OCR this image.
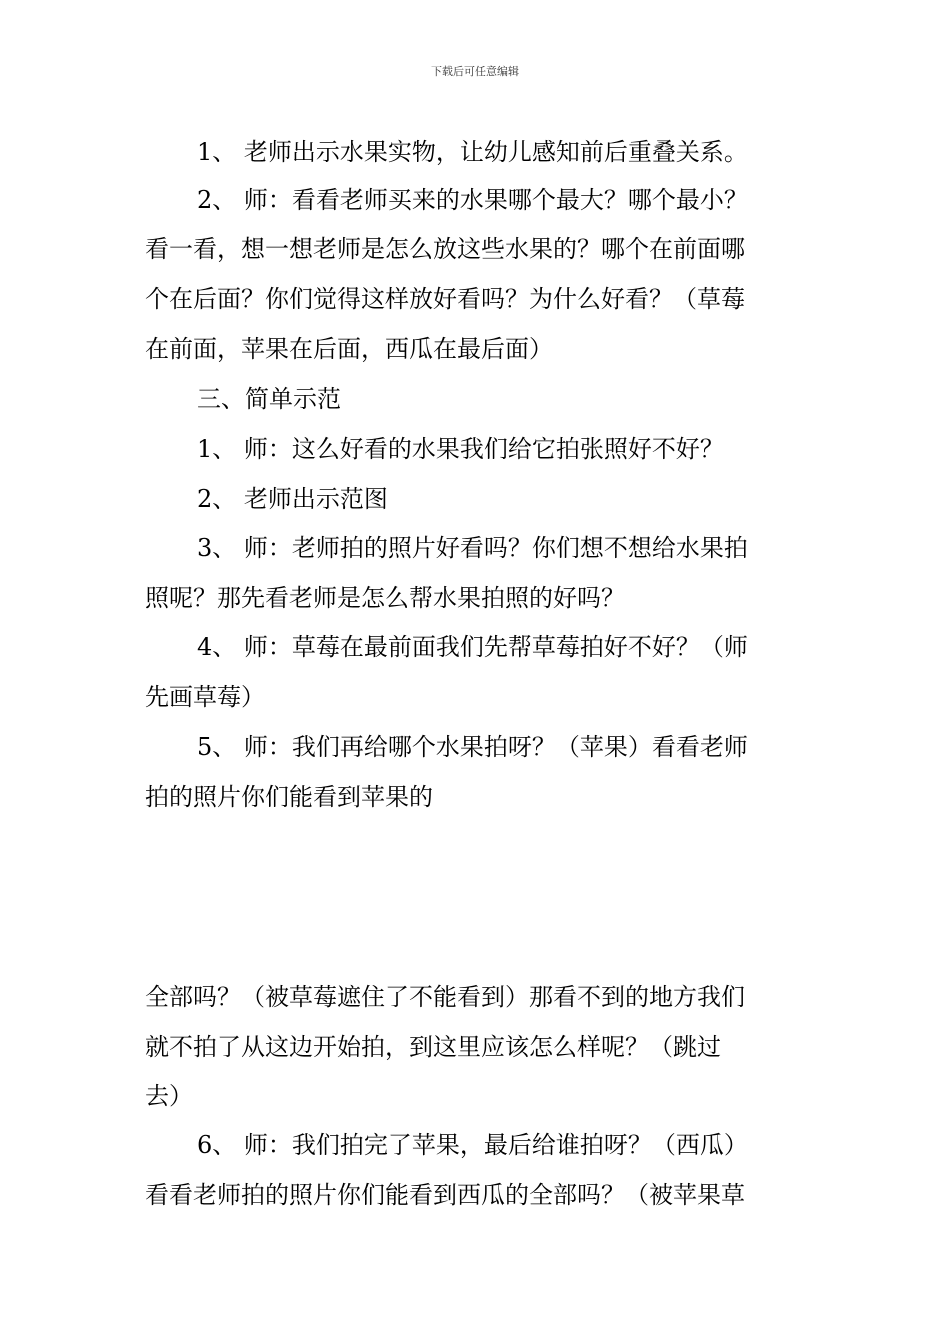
下载后可任意编辑
1、 老师出示水果实物，让幼儿感知前后重叠关系。
2、 师：看看老师买来的水果哪个最大？哪个最小？
看一看，想一想老师是怎么放这些水果的？哪个在前面哪
个在后面？你们觉得这样放好看吗？为什么好看？（草莓
在前面，苹果在后面，西瓜在最后面）
三、简单示范
1、 师：这么好看的水果我们给它拍张照好不好？
2、 老师出示范图
3、 师：老师拍的照片好看吗？你们想不想给水果拍
照呢？那先看老师是怎么帮水果拍照的好吗？
4、 师：草莓在最前面我们先帮草莓拍好不好？（师
先画草莓）
5、 师：我们再给哪个水果拍呀？（苹果）看看老师
拍的照片你们能看到苹果的
全部吗？（被草莓遮住了不能看到）那看不到的地方我们
就不拍了从这边开始拍，到这里应该怎么样呢？（跳过
去）
6、 师：我们拍完了苹果，最后给谁拍呀？（西瓜）
看看老师拍的照片你们能看到西瓜的全部吗？（被苹果草
